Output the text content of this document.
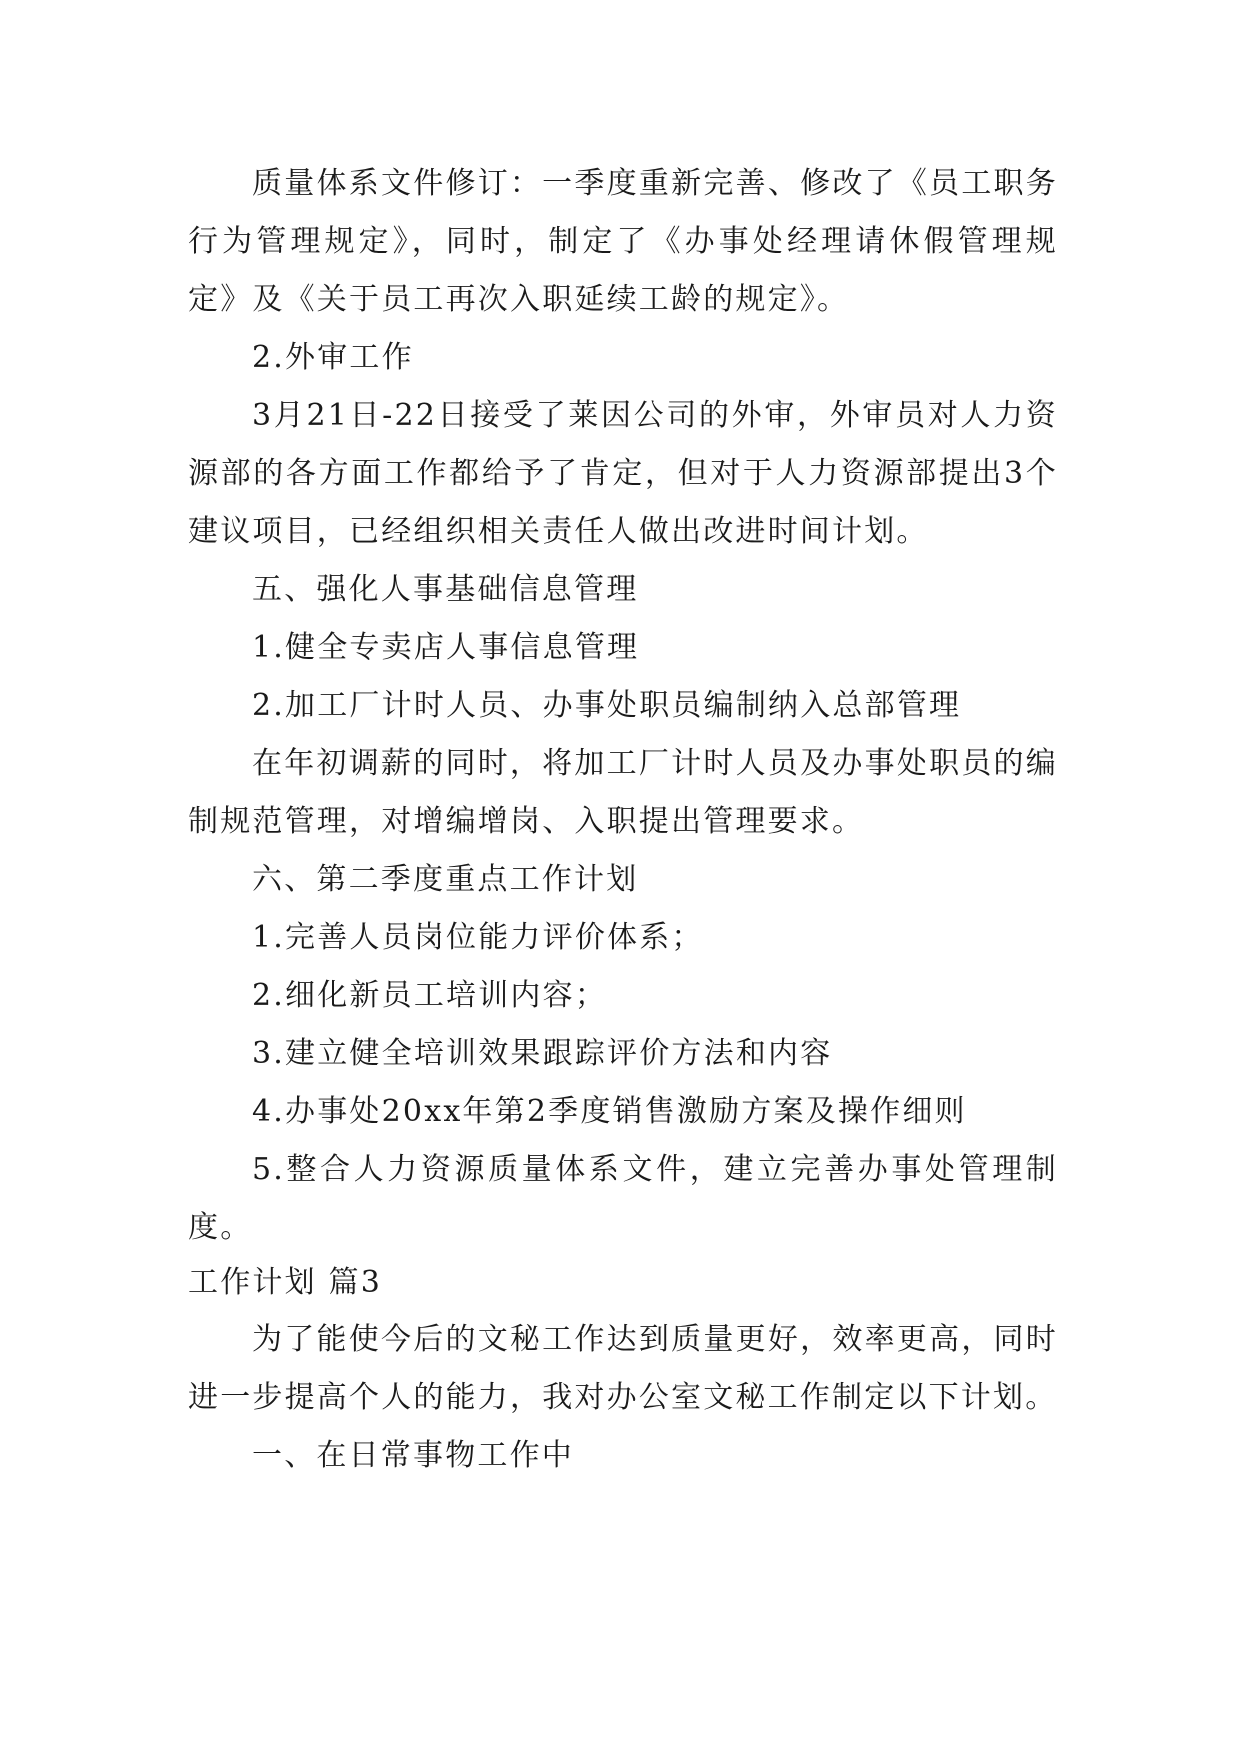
质量体系文件修订：一季度重新完善、修改了《员工职务行为管理规定》，同时，制定了《办事处经理请休假管理规定》及《关于员工再次入职延续工龄的规定》。

2.外审工作

3月21日-22日接受了莱因公司的外审，外审员对人力资源部的各方面工作都给予了肯定，但对于人力资源部提出3个建议项目，已经组织相关责任人做出改进时间计划。

五、强化人事基础信息管理

1.健全专卖店人事信息管理

2.加工厂计时人员、办事处职员编制纳入总部管理

在年初调薪的同时，将加工厂计时人员及办事处职员的编制规范管理，对增编增岗、入职提出管理要求。

六、第二季度重点工作计划

1.完善人员岗位能力评价体系；

2.细化新员工培训内容；

3.建立健全培训效果跟踪评价方法和内容

4.办事处20xx年第2季度销售激励方案及操作细则

5.整合人力资源质量体系文件，建立完善办事处管理制度。

工作计划 篇3

为了能使今后的文秘工作达到质量更好，效率更高，同时进一步提高个人的能力，我对办公室文秘工作制定以下计划。

一、在日常事物工作中
